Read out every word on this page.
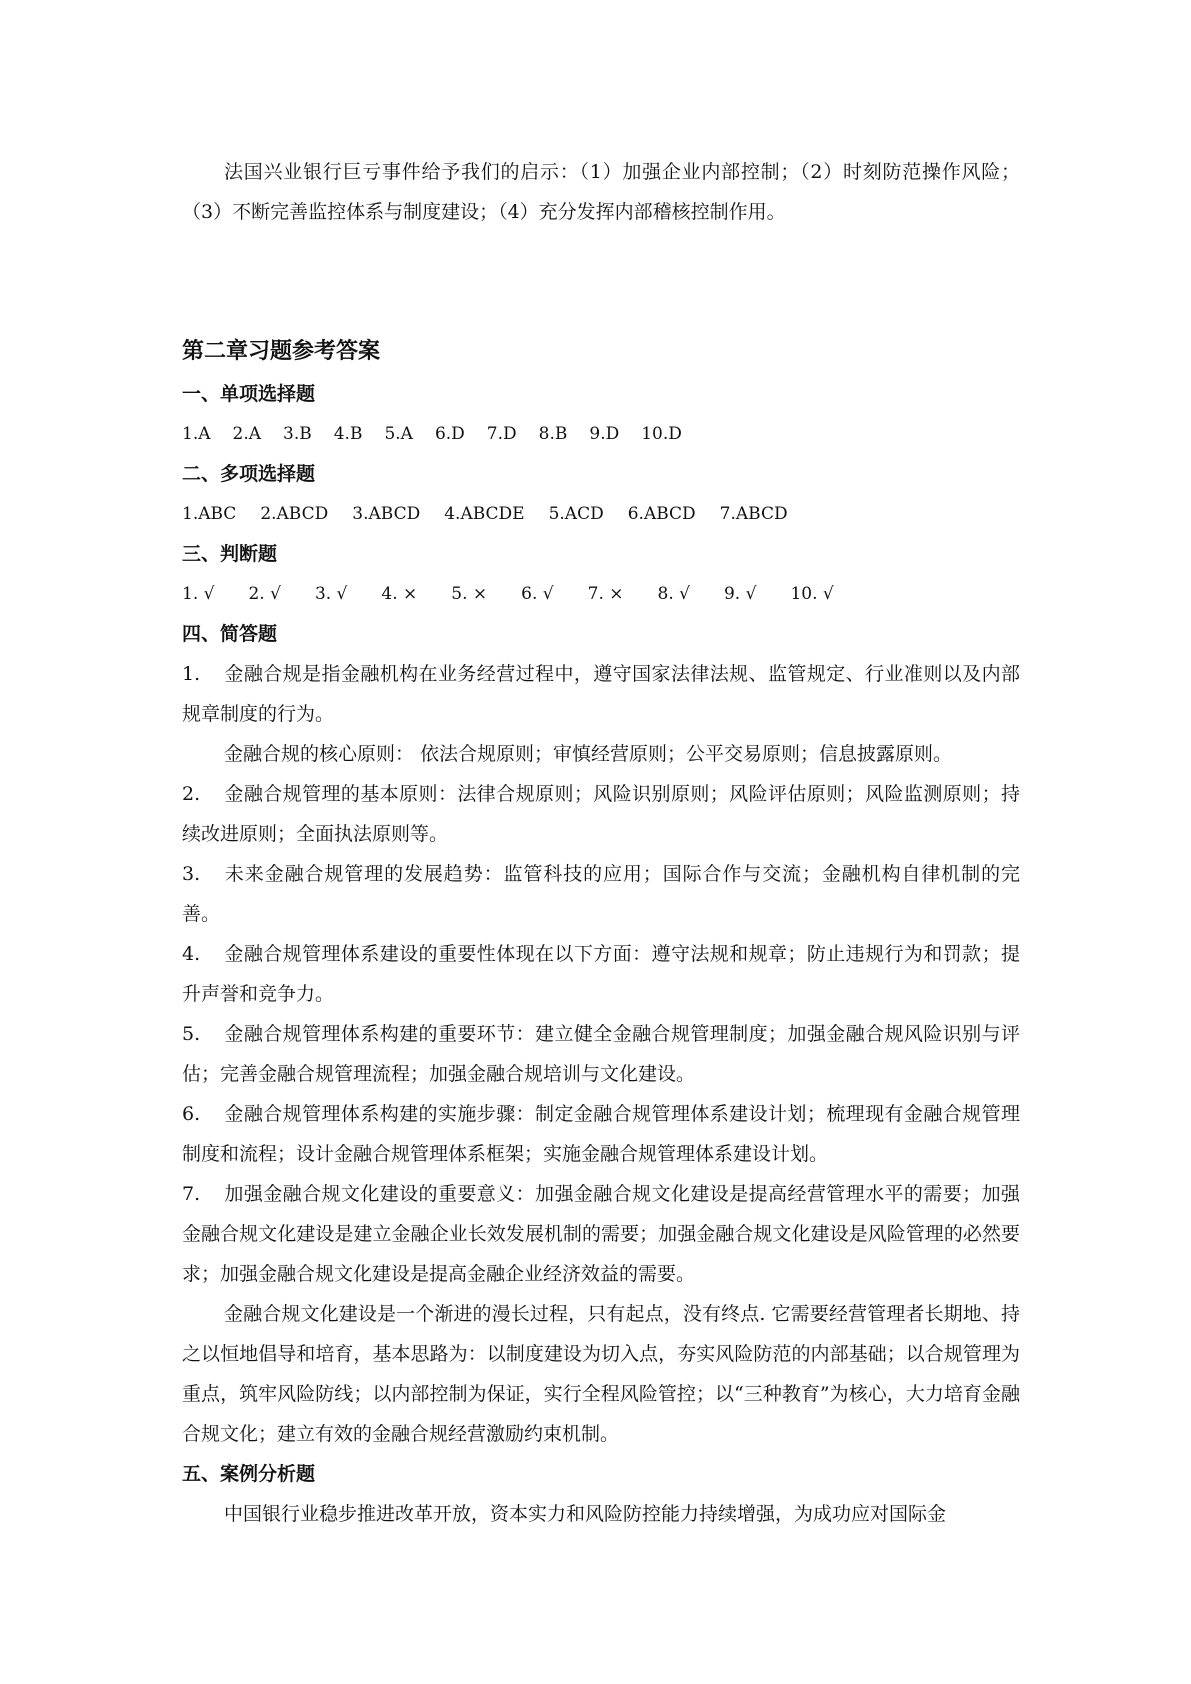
法国兴业银行巨亏事件给予我们的启示：（1）加强企业内部控制；（2）时刻防范操作风险；（3）不断完善监控体系与制度建设；（4）充分发挥内部稽核控制作用。

第二章习题参考答案
一、单项选择题
1.A 2.A 3.B 4.B 5.A 6.D 7.D 8.B 9.D 10.D
二、多项选择题
1.ABC 2.ABCD 3.ABCD 4.ABCDE 5.ACD 6.ABCD 7.ABCD
三、判断题
1. √ 2. √ 3. √ 4. × 5. × 6. √ 7. × 8. √ 9. √ 10. √
四、简答题

1. 金融合规是指金融机构在业务经营过程中，遵守国家法律法规、监管规定、行业准则以及内部规章制度的行为。

金融合规的核心原则： 依法合规原则；审慎经营原则；公平交易原则；信息披露原则。

2. 金融合规管理的基本原则：法律合规原则；风险识别原则；风险评估原则；风险监测原则；持续改进原则；全面执法原则等。

3. 未来金融合规管理的发展趋势：监管科技的应用；国际合作与交流；金融机构自律机制的完善。

4. 金融合规管理体系建设的重要性体现在以下方面：遵守法规和规章；防止违规行为和罚款；提升声誉和竞争力。

5. 金融合规管理体系构建的重要环节：建立健全金融合规管理制度；加强金融合规风险识别与评估；完善金融合规管理流程；加强金融合规培训与文化建设。

6. 金融合规管理体系构建的实施步骤：制定金融合规管理体系建设计划；梳理现有金融合规管理制度和流程；设计金融合规管理体系框架；实施金融合规管理体系建设计划。

7. 加强金融合规文化建设的重要意义：加强金融合规文化建设是提高经营管理水平的需要；加强金融合规文化建设是建立金融企业长效发展机制的需要；加强金融合规文化建设是风险管理的必然要求；加强金融合规文化建设是提高金融企业经济效益的需要。

金融合规文化建设是一个渐进的漫长过程，只有起点，没有终点. 它需要经营管理者长期地、持之以恒地倡导和培育，基本思路为：以制度建设为切入点，夯实风险防范的内部基础；以合规管理为重点，筑牢风险防线；以内部控制为保证，实行全程风险管控；以“三种教育”为核心，大力培育金融合规文化；建立有效的金融合规经营激励约束机制。

五、案例分析题

中国银行业稳步推进改革开放，资本实力和风险防控能力持续增强，为成功应对国际金
